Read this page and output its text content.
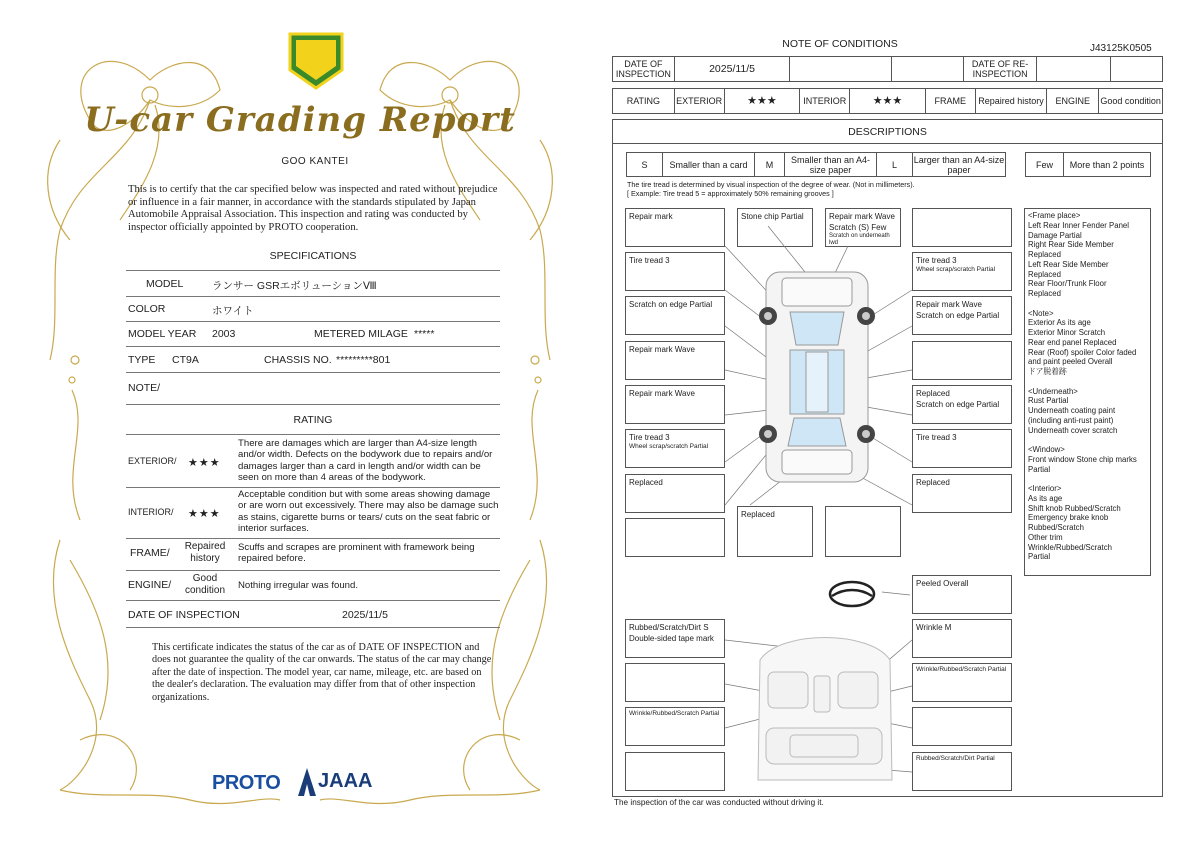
U-car Grading Report
GOO KANTEI
This is to certify that the car specified below was inspected and rated without prejudice or influence in a fair manner, in accordance with the standards stipulated by Japan Automobile Appraisal Association. This inspection and rating was conducted by inspector officially appointed by PROTO cooperation.
SPECIFICATIONS
MODEL	ランサー GSRエボリューションⅧ
COLOR	ホワイト
MODEL YEAR 2003	METERED MILAGE *****
TYPE CT9A	CHASSIS NO. *********801
NOTE/
RATING
EXTERIOR/ ★★★
There are damages which are larger than A4-size length and/or width. Defects on the bodywork due to repairs and/or damages larger than a card in length and/or width can be seen on more than 4 areas of the bodywork.
INTERIOR/ ★★★
Acceptable condition but with some areas showing damage or are worn out excessively. There may also be damage such as stains, cigarette burns or tears/ cuts on the seat fabric or interior surfaces.
FRAME/
Repaired history
Scuffs and scrapes are prominent with framework being repaired before.
ENGINE/
Good condition	Nothing irregular was found.
DATE OF INSPECTION	2025/11/5
This certificate indicates the status of the car as of DATE OF INSPECTION and does not guarantee the quality of the car onwards. The status of the car may change after the date of inspection. The model year, car name, mileage, etc. are based on the dealer's declaration. The evaluation may differ from that of other inspection organizations.
PROTO JAAA
NOTE OF CONDITIONS	J43125K0505
DATE OF INSPECTION	2025/11/5	DATE OF RE-INSPECTION
RATING	EXTERIOR	★★★	INTERIOR	★★★	FRAME	Repaired history	ENGINE	Good condition
DESCRIPTIONS
S	Smaller than a card	M	Smaller than an A4-size paper	L	Larger than an A4-size paper	Few	More than 2 points
The tire tread is determined by visual inspection of the degree of wear. (Not in millimeters).
[ Example: Tire tread 5 = approximately 50% remaining grooves ]
Repair mark	Stone chip Partial	Repair mark Wave
Scratch (S) Few
Scratch on underneath
lwd
Tire tread 3	Tire tread 3
Wheel scrap/scratch Partial
Scratch on edge Partial	Repair mark Wave
Scratch on edge Partial
Repair mark Wave
Repair mark Wave	Replaced
Scratch on edge Partial
Tire tread 3
Wheel scrap/scratch Partial
Tire tread 3
Replaced	Replaced
Replaced
Peeled Overall
Rubbed/Scratch/Dirt S
Double-sided tape mark
Wrinkle M
Wrinkle/Rubbed/Scratch Partial
Wrinkle/Rubbed/Scratch Partial
Rubbed/Scratch/Dirt Partial
<Frame place>
Left Rear Inner Fender Panel
Damage Partial
Right Rear Side Member
Replaced
Left Rear Side Member
Replaced
Rear Floor/Trunk Floor
Replaced

<Note>
Exterior As its age
Exterior Minor Scratch
Rear end panel Replaced
Rear (Roof) spoiler Color faded
and paint peeled Overall
ドア脱着跡

<Underneath>
Rust Partial
Underneath coating paint
(including anti-rust paint)
Underneath cover scratch

<Window>
Front window Stone chip marks
Partial

<Interior>
As its age
Shift knob Rubbed/Scratch
Emergency brake knob
Rubbed/Scratch
Other trim
Wrinkle/Rubbed/Scratch
Partial
The inspection of the car was conducted without driving it.
